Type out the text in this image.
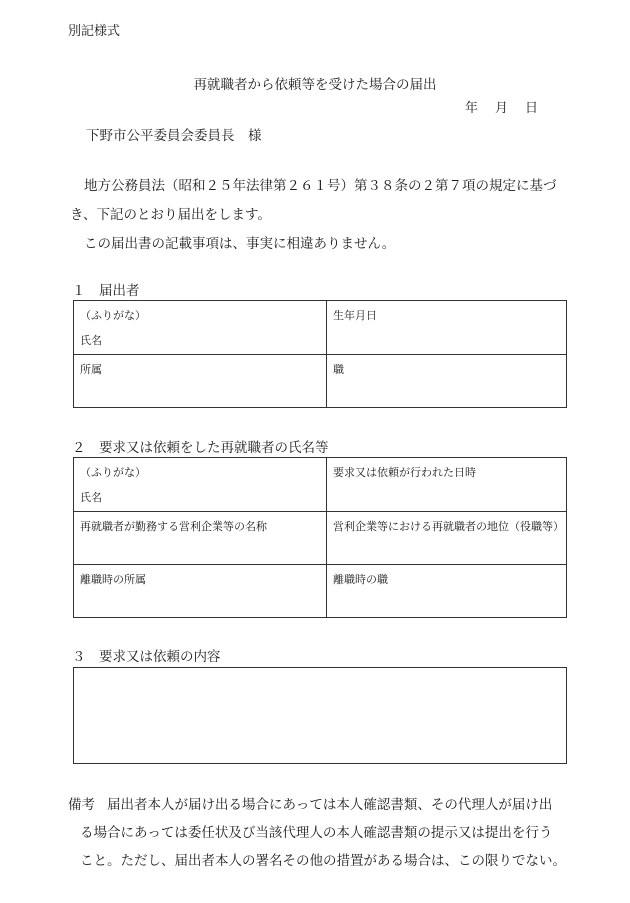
別記様式
再就職者から依頼等を受けた場合の届出
年　月　日
下野市公平委員会委員長　様
地方公務員法（昭和２５年法律第２６１号）第３８条の２第７項の規定に基づき、下記のとおり届出をします。
この届出書の記載事項は、事実に相違ありません。
１　届出者
（ふりがな）
氏名	生年月日
所属	職
２　要求又は依頼をした再就職者の氏名等
（ふりがな）
氏名	要求又は依頼が行われた日時
再就職者が勤務する営利企業等の名称	営利企業等における再就職者の地位（役職等）
離職時の所属	離職時の職
３　要求又は依頼の内容
備考 届出者本人が届け出る場合にあっては本人確認書類、その代理人が届け出
る場合にあっては委任状及び当該代理人の本人確認書類の提示又は提出を行う
こと。ただし、届出者本人の署名その他の措置がある場合は、この限りでない。
